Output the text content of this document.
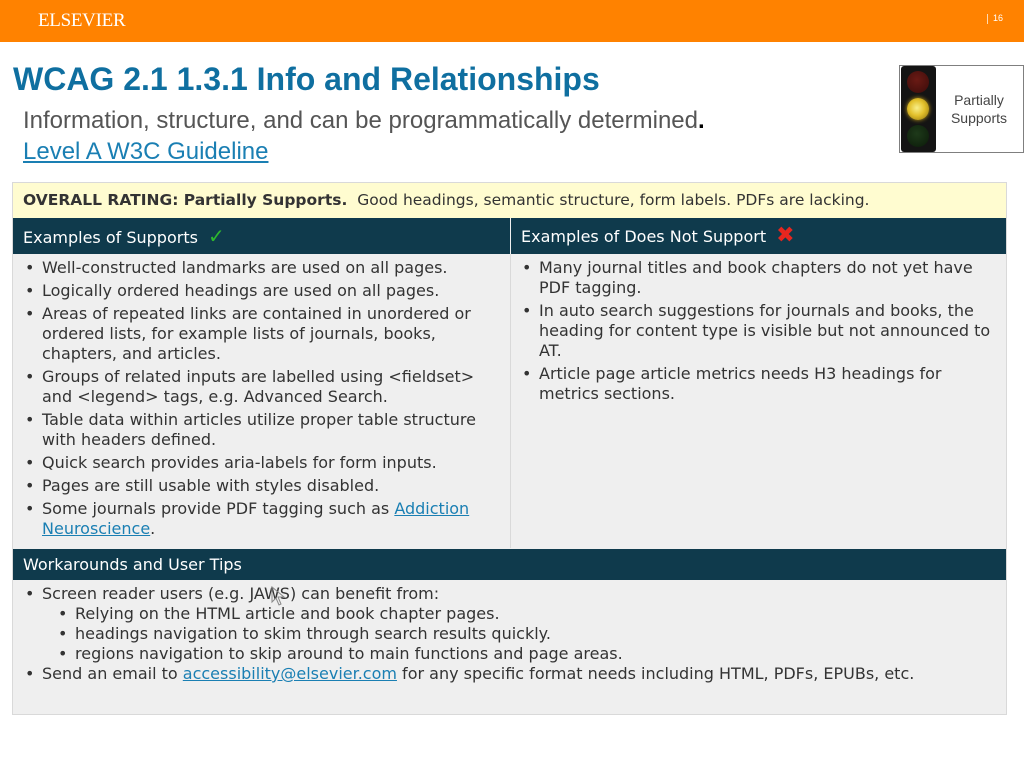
ELSEVIER	16
WCAG 2.1 1.3.1 Info and Relationships
Information, structure, and can be programmatically determined.
Level A W3C Guideline
Partially Supports
OVERALL RATING: Partially Supports. Good headings, semantic structure, form labels. PDFs are lacking.
Examples of Supports ✓	Examples of Does Not Support ✖
• Well-constructed landmarks are used on all pages.
• Logically ordered headings are used on all pages.
• Areas of repeated links are contained in unordered or ordered lists, for example lists of journals, books, chapters, and articles.
• Groups of related inputs are labelled using <fieldset> and <legend> tags, e.g. Advanced Search.
• Table data within articles utilize proper table structure with headers defined.
• Quick search provides aria-labels for form inputs.
• Pages are still usable with styles disabled.
• Some journals provide PDF tagging such as Addiction Neuroscience.
• Many journal titles and book chapters do not yet have PDF tagging.
• In auto search suggestions for journals and books, the heading for content type is visible but not announced to AT.
• Article page article metrics needs H3 headings for metrics sections.
Workarounds and User Tips
• Screen reader users (e.g. JAWS) can benefit from:
• Relying on the HTML article and book chapter pages.
• headings navigation to skim through search results quickly.
• regions navigation to skip around to main functions and page areas.
• Send an email to accessibility@elsevier.com for any specific format needs including HTML, PDFs, EPUBs, etc.
